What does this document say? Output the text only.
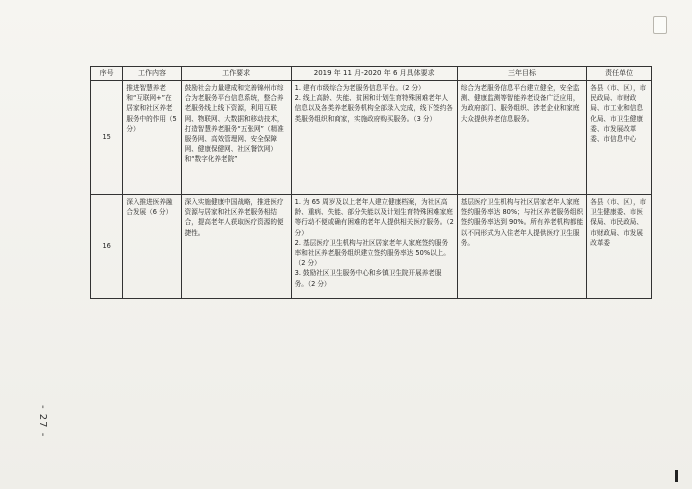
序号	工作内容	工作要求	2019 年 11 月-2020 年 6 月具体要求	三年目标	责任单位
15	推进智慧养老和“互联网+”在居家和社区养老服务中的作用（5 分）	鼓励社会力量建成和完善锦州市综合为老服务平台信息系统，整合养老服务线上线下资源，利用互联网、物联网、大数据和移动技术，打造智慧养老服务“五张网”（精准服务网、高效管理网、安全保障网、健康保健网、社区餐饮网）和“数字化养老院”	1. 建有市级综合为老服务信息平台。（2 分）
2. 线上高龄、失能、贫困和计划生育特殊困难老年人信息以及各类养老服务机构全部录入完成，线下签约各类服务组织和商家，实施政府购买服务。（3 分）	综合为老服务信息平台建立健全，安全监测、健康监测等智能养老设备广泛应用，为政府部门、服务组织、涉老企业和家庭大众提供养老信息服务。	各县（市、区），市民政局、市财政局、市工业和信息化局、市卫生健康委、市发展改革委、市信息中心
16	深入推进医养融合发展（6 分）	深入实施健康中国战略，推进医疗资源与居家和社区养老服务相结合，提高老年人获取医疗资源的便捷性。	1. 为 65 周岁及以上老年人建立健康档案，为社区高龄、重病、失能、部分失能以及计划生育特殊困难家庭等行动不便或确有困难的老年人提供相关医疗服务。（2 分）
2. 基层医疗卫生机构与社区居家老年人家庭签约服务率和社区养老服务组织建立签约服务率达 50%以上。（2 分）
3. 鼓励社区卫生服务中心和乡镇卫生院开展养老服务。（2 分）	基层医疗卫生机构与社区居家老年人家庭签约服务率达 80%；与社区养老服务组织签约服务率达到 90%。所有养老机构都能以不同形式为入住老年人提供医疗卫生服务。	各县（市、区），市卫生健康委、市医保局、市民政局、市财政局、市发展改革委
- 27 -
